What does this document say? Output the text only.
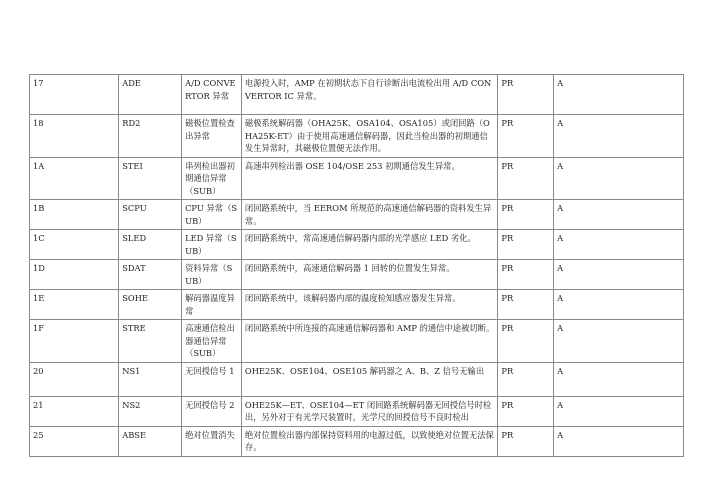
17	ADE	A/D CONVERTOR 异常	电源投入时，AMP 在初期状态下自行诊断出电流检出用 A/D CONVERTOR IC 异常。	PR	A
18	RD2	磁极位置检查出异常	磁极系统解码器（OHA25K、OSA104、OSA105）或闭回路（OHA25K-ET）由于使用高速通信解码器，因此当检出器的初期通信发生异常时，其磁极位置便无法作用。	PR	A
1A	STEI	串列检出器初期通信异常（SUB）	高速串列检出器 OSE 104/OSE 253 初期通信发生异常。	PR	A
1B	SCPU	CPU 异常（SUB）	闭回路系统中，当 EEROM 所规范的高速通信解码器的资料发生异常。	PR	A
1C	SLED	LED 异常（SUB）	闭回路系统中，常高速通信解码器内部的光学感应 LED 劣化。	PR	A
1D	SDAT	资料异常（SUB）	闭回路系统中，高速通信解码器 1 回转的位置发生异常。	PR	A
1E	SOHE	解码器温度异常	闭回路系统中，该解码器内部的温度检知感应器发生异常。	PR	A
1F	STRE	高速通信检出器通信异常（SUB）	闭回路系统中所连接的高速通信解码器和 AMP 的通信中途被切断。	PR	A
20	NS1	无回授信号 1	OHE25K、OSE104、OSE105 解码器之 A、B、Z 信号无输出	PR	A
21	NS2	无回授信号 2	OHE25K—ET、OSE104—ET 闭回路系统解码器无回授信号时检出，另外对于有光学尺装置时，光学尺的回授信号不良时检出	PR	A
25	ABSE	绝对位置消失	绝对位置检出器内部保持资料用的电源过低，以致使绝对位置无法保存。	PR	A
